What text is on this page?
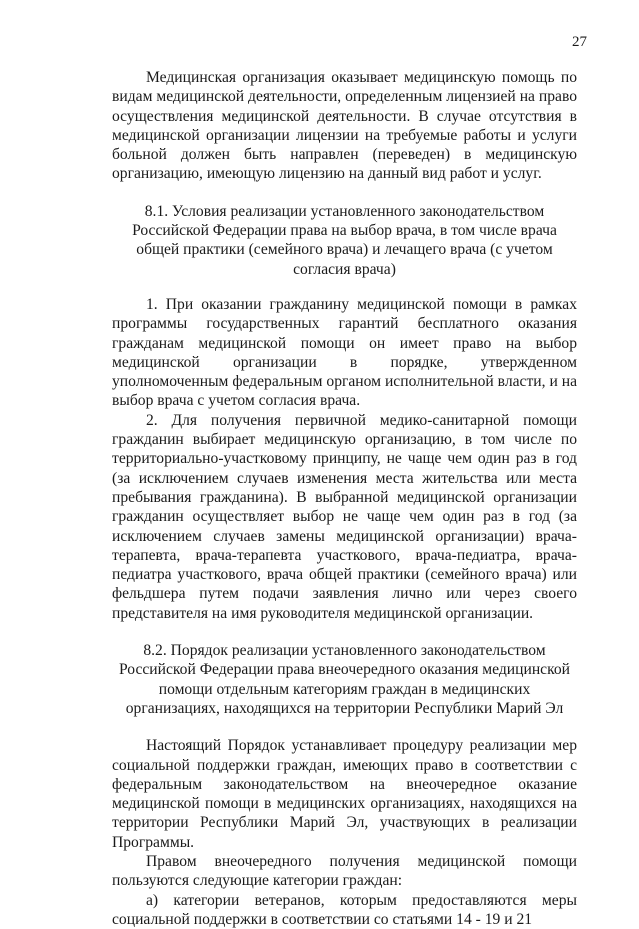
27

Медицинская организация оказывает медицинскую помощь по видам медицинской деятельности, определенным лицензией на право осуществления медицинской деятельности. В случае отсутствия в медицинской организации лицензии на требуемые работы и услуги больной должен быть направлен (переведен) в медицинскую организацию, имеющую лицензию на данный вид работ и услуг.

8.1. Условия реализации установленного законодательством Российской Федерации права на выбор врача, в том числе врача общей практики (семейного врача) и лечащего врача (с учетом согласия врача)

1. При оказании гражданину медицинской помощи в рамках программы государственных гарантий бесплатного оказания гражданам медицинской помощи он имеет право на выбор медицинской организации в порядке, утвержденном уполномоченным федеральным органом исполнительной власти, и на выбор врача с учетом согласия врача.

2. Для получения первичной медико-санитарной помощи гражданин выбирает медицинскую организацию, в том числе по территориально-участковому принципу, не чаще чем один раз в год (за исключением случаев изменения места жительства или места пребывания гражданина). В выбранной медицинской организации гражданин осуществляет выбор не чаще чем один раз в год (за исключением случаев замены медицинской организации) врача-терапевта, врача-терапевта участкового, врача-педиатра, врача-педиатра участкового, врача общей практики (семейного врача) или фельдшера путем подачи заявления лично или через своего представителя на имя руководителя медицинской организации.

8.2. Порядок реализации установленного законодательством Российской Федерации права внеочередного оказания медицинской помощи отдельным категориям граждан в медицинских организациях, находящихся на территории Республики Марий Эл

Настоящий Порядок устанавливает процедуру реализации мер социальной поддержки граждан, имеющих право в соответствии с федеральным законодательством на внеочередное оказание медицинской помощи в медицинских организациях, находящихся на территории Республики Марий Эл, участвующих в реализации Программы.

Правом внеочередного получения медицинской помощи пользуются следующие категории граждан:

а) категории ветеранов, которым предоставляются меры социальной поддержки в соответствии со статьями 14 - 19 и 21
